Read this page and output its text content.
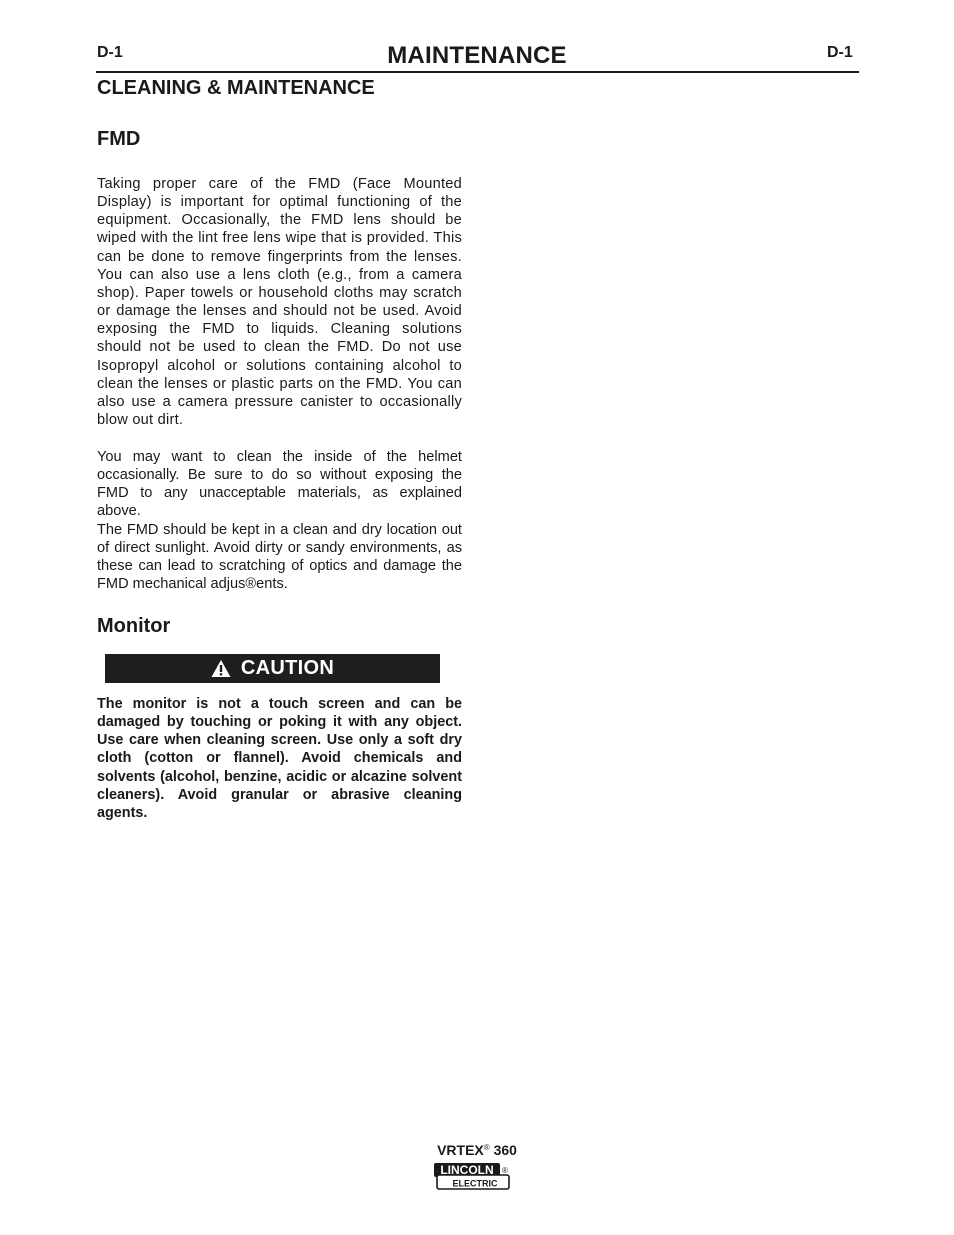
D-1	MAINTENANCE	D-1
CLEANING & MAINTENANCE
FMD
Taking proper care of the FMD (Face Mounted Display) is important for optimal functioning of the equipment. Occasionally, the FMD lens should be wiped with the lint free lens wipe that is provided. This can be done to remove fingerprints from the lenses. You can also use a lens cloth (e.g., from a camera shop). Paper towels or household cloths may scratch or damage the lenses and should not be used. Avoid exposing the FMD to liquids. Cleaning solutions should not be used to clean the FMD. Do not use Isopropyl alcohol or solutions containing alcohol to clean the lenses or plastic parts on the FMD. You can also use a camera pressure canister to occasionally blow out dirt.
You may want to clean the inside of the helmet occasionally. Be sure to do so without exposing the FMD to any unacceptable materials, as explained above.
The FMD should be kept in a clean and dry location out of direct sunlight. Avoid dirty or sandy environments, as these can lead to scratching of optics and damage the FMD mechanical adjus®ents.
Monitor
CAUTION
The monitor is not a touch screen and can be damaged by touching or poking it with any object. Use care when cleaning screen. Use only a soft dry cloth (cotton or flannel). Avoid chemicals and solvents (alcohol, benzine, acidic or alcazine solvent cleaners). Avoid granular or abrasive cleaning agents.
VRTEX® 360
LINCOLN ®
ELECTRIC
